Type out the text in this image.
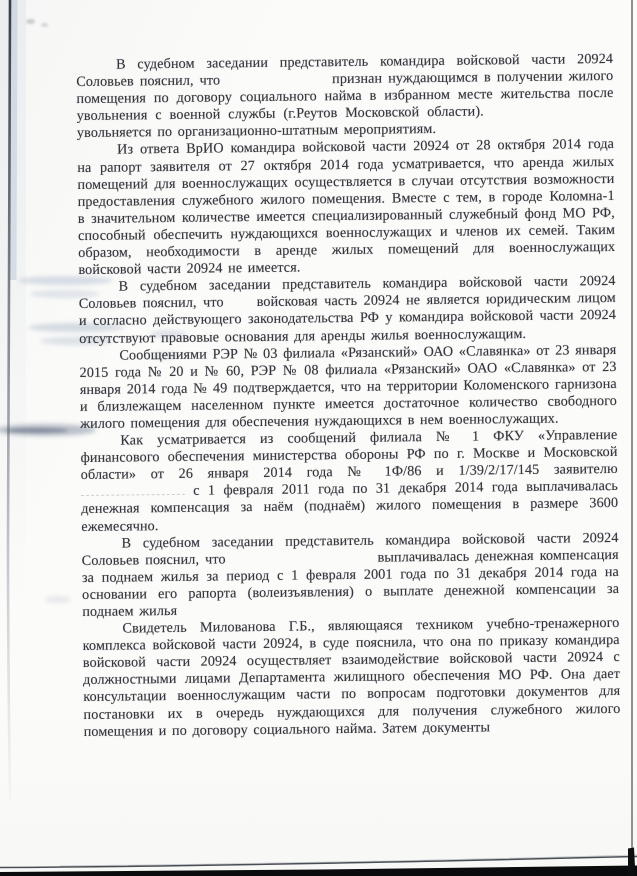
В судебном заседании представитель командира войсковой части 20924 Соловьев пояснил, что	признан нуждающимся в получении жилого помещения по договору социального найма в избранном месте жительства после увольнения с военной службы (г.Реутов Московской области).  увольняется по организационно-штатным мероприятиям.

Из ответа ВрИО командира войсковой части 20924 от 28 октября 2014 года на рапорт заявителя от 27 октября 2014 года усматривается, что аренда жилых помещений для военнослужащих осуществляется в случаи отсутствия возможности предоставления служебного жилого помещения. Вместе с тем, в городе Коломна-1 в значительном количестве имеется специализированный служебный фонд МО РФ, способный обеспечить нуждающихся военнослужащих и членов их семей. Таким образом, необходимости в аренде жилых помещений для военнослужащих войсковой части 20924 не имеется.

В судебном заседании представитель командира войсковой части 20924 Соловьев пояснил, что войсковая часть 20924 не является юридическим лицом и согласно действующего законодательства РФ у командира войсковой части 20924 отсутствуют правовые основания для аренды жилья военнослужащим.

Сообщениями РЭР № 03 филиала «Рязанский» ОАО «Славянка» от 23 января 2015 года № 20 и № 60, РЭР № 08 филиала «Рязанский» ОАО «Славянка» от 23 января 2014 года № 49 подтверждается, что на территории Коломенского гарнизона и близлежащем населенном пункте имеется достаточное количество свободного жилого помещения для обеспечения нуждающихся в нем военнослужащих.

Как усматривается из сообщений филиала № 1 ФКУ «Управление финансового обеспечения министерства обороны РФ по г. Москве и Московской области» от 26 января 2014 года № 1Ф/86 и 1/39/2/17/145 заявителю  с 1 февраля 2011 года по 31 декабря 2014 года выплачивалась денежная компенсация за наём (поднаём) жилого помещения в размере 3600 ежемесячно.

В судебном заседании представитель командира войсковой части 20924 Соловьев пояснил, что	выплачивалась денежная компенсация за поднаем жилья за период с 1 февраля 2001 года по 31 декабря 2014 года на основании его рапорта (волеизъявления) о выплате денежной компенсации за поднаем жилья

Свидетель Милованова Г.Б., являющаяся техником учебно-тренажерного комплекса войсковой части 20924, в суде пояснила, что она по приказу командира войсковой части 20924 осуществляет взаимодействие войсковой части 20924 с должностными лицами Департамента жилищного обеспечения МО РФ. Она дает консультации военнослужащим части по вопросам подготовки документов для постановки их в очередь нуждающихся для получения служебного жилого помещения и по договору социального найма. Затем документы
